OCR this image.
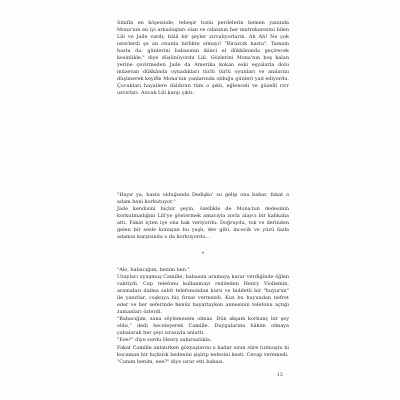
Sinifin en köşesinde, tebeşir tozlu perdelerin hemen yanında Mona'nın en iyi arkadaşları olan ve odasının her metrekaresini bilen Lili ve Jade vardı; hâlâ bir şeyler zırvalıyorlardı. Ah Ah! Ne çok isterlerdi şu an onunla birlikte olmayı! "Birazcık hasta". Tamam hasta da, günlerini babasının ikinci el dükkânında geçirecek kesinlikle," diye düşünüyordu Lili. Gözlerini Mona'nın boş kalan yerine çevirmeden Jade da Amerika kokan eski eşyalarla dolu müzevan dükkânda oynadıkları türlü türlü oyunları ve anılarını düşünerek keyifle Mona'nın yanlarında olduğu günleri yad ediyordu. Çocukları hayallere daldıran tüm o şıklı, eğlenceli ve güzelli rıvr usvırları. Ancak Lili karşı çıktı:

"Hayır ya, hasta olduğunda Dedişko' su gelip ona bakar, fakat o adam beni korkutuyor."

Jade kendisini hiçbir şeyin, özellikle de Mona'nın dedesinin korkutmadığını Lili'ye göstermek amacıyla zorla alaycı bir kahkaha attı. Fakat içten içe ona hak veriyordu: Doğruydu, tok ve derinden gelen bir sesle konuşan bu yaşlı, dev gibi, incecik ve yüzü fazla adamın karşısında o da korkuyordu...

*

"Alo, babacığım, benim ben."

Uzayları uyuşmuş Camille, babasını aramaya karar verdiğinde öğlen vaktiydi. Cep telefonu kullanmayı reddeden Henry Viollemin, aramaları daima sabit telefonundan kuru ve hiddetli bir "buyurun" ile yanıtlar, coşkuya hiç fırsat vermezdi. Kızı bu huyundan nefret eder ve her seferinde henüz hayattayken annesinin telefonu açtığı zamanları özlerdi.

"Babacığım, sana söylemesem olmaz. Dün akşam korkunç bir şey oldu," dedi heceleyerek Camille. Duygularına hâkim olmaya çabalarak her şeyi sırasıyla anlattı.

"Eee?" diye sordu Henry sabırsızlıkla.

Fakat Camille anlatırken gözyaşlarını o kadar uzun süre tutmuştu ki kocaman bir hıçkırık bedenini şişirip nefesini kesti. Cevap veremedi.

"Canım benim, eee?" diye ısrar etti babası.

13
